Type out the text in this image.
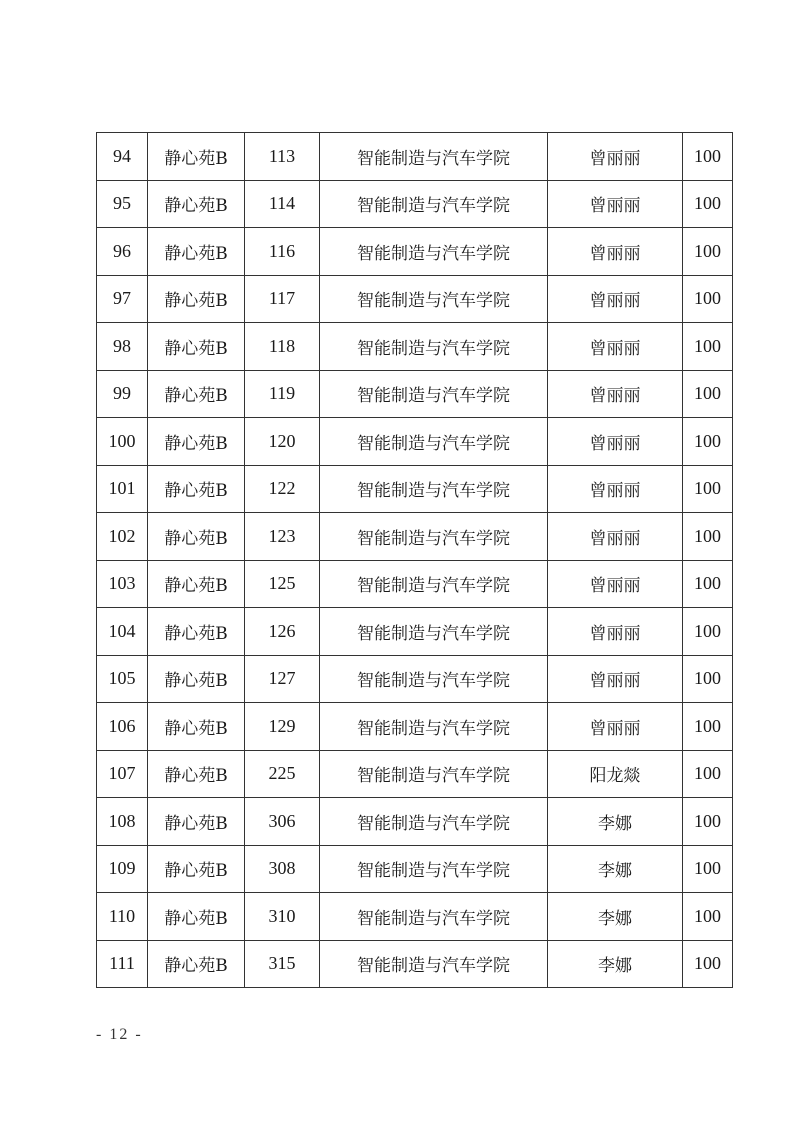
94	静心苑B	113	智能制造与汽车学院	曾丽丽	100
95	静心苑B	114	智能制造与汽车学院	曾丽丽	100
96	静心苑B	116	智能制造与汽车学院	曾丽丽	100
97	静心苑B	117	智能制造与汽车学院	曾丽丽	100
98	静心苑B	118	智能制造与汽车学院	曾丽丽	100
99	静心苑B	119	智能制造与汽车学院	曾丽丽	100
100	静心苑B	120	智能制造与汽车学院	曾丽丽	100
101	静心苑B	122	智能制造与汽车学院	曾丽丽	100
102	静心苑B	123	智能制造与汽车学院	曾丽丽	100
103	静心苑B	125	智能制造与汽车学院	曾丽丽	100
104	静心苑B	126	智能制造与汽车学院	曾丽丽	100
105	静心苑B	127	智能制造与汽车学院	曾丽丽	100
106	静心苑B	129	智能制造与汽车学院	曾丽丽	100
107	静心苑B	225	智能制造与汽车学院	阳龙燚	100
108	静心苑B	306	智能制造与汽车学院	李娜	100
109	静心苑B	308	智能制造与汽车学院	李娜	100
110	静心苑B	310	智能制造与汽车学院	李娜	100
111	静心苑B	315	智能制造与汽车学院	李娜	100
- 12 -
